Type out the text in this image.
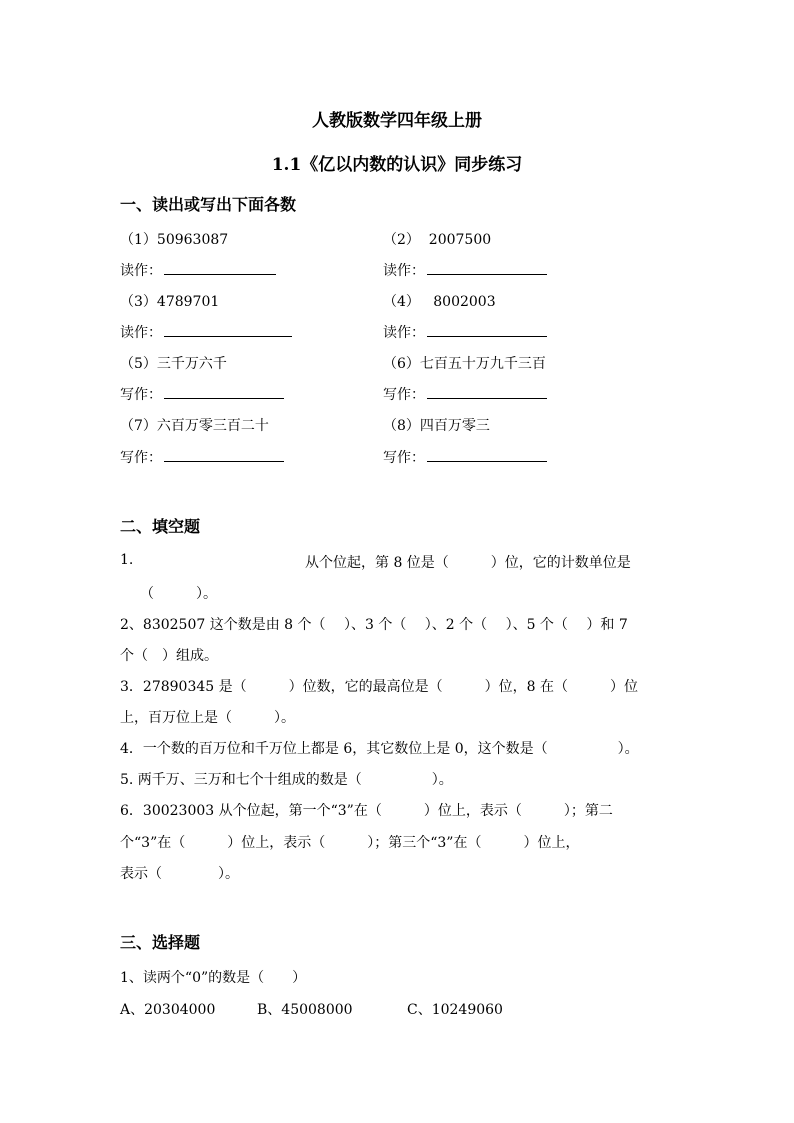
人教版数学四年级上册
1.1《亿以内数的认识》同步练习
一、读出或写出下面各数
（1）50963087	（2）  2007500
读作：	读作：
（3）4789701	（4）   8002003
读作：	读作：
（5）三千万六千	（6）七百五十万九千三百
写作：	写作：
（7）六百万零三百二十	（8）四百万零三
写作：	写作：
二、填空题
1.	从个位起，第 8 位是（　　　）位，它的计数单位是
（　　　）。
2、8302507 这个数是由 8 个（　 ）、3 个（　 ）、2 个（　 ）、5 个（　 ）和 7
个（　）组成。
3．27890345 是（　　　）位数，它的最高位是（　　　）位，8 在（　　　）位
上，百万位上是（　　　）。
4．一个数的百万位和千万位上都是 6，其它数位上是 0，这个数是（　　　　　）。
5. 两千万、三万和七个十组成的数是（　　　　　）。
6．30023003 从个位起，第一个“3”在（　　　）位上，表示（　　　）；第二
个“3”在（　　　）位上，表示（　　　）；第三个“3”在（　　　）位上，
表示（　　　　）。
三、选择题
1、读两个“0”的数是（　　）
A、20304000	B、45008000	C、10249060
